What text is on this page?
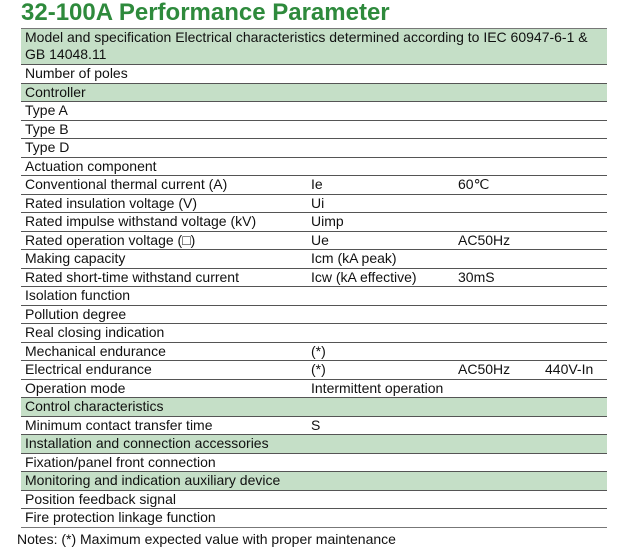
32-100A Performance Parameter
Model and specification Electrical characteristics determined according to IEC 60947-6-1 & GB 14048.11
Number of poles
Controller
Type A
Type B
Type D
Actuation component
Conventional thermal current (A)	Ie	60℃
Rated insulation voltage (V)	Ui
Rated impulse withstand voltage (kV)	Uimp
Rated operation voltage (□)	Ue	AC50Hz
Making capacity	Icm (kA peak)
Rated short-time withstand current	Icw (kA effective)	30mS
Isolation function
Pollution degree
Real closing indication
Mechanical endurance	(*)
Electrical endurance	(*)	AC50Hz 440V-In
Operation mode	Intermittent operation
Control characteristics
Minimum contact transfer time	S
Installation and connection accessories
Fixation/panel front connection
Monitoring and indication auxiliary device
Position feedback signal
Fire protection linkage function
Notes: (*) Maximum expected value with proper maintenance
